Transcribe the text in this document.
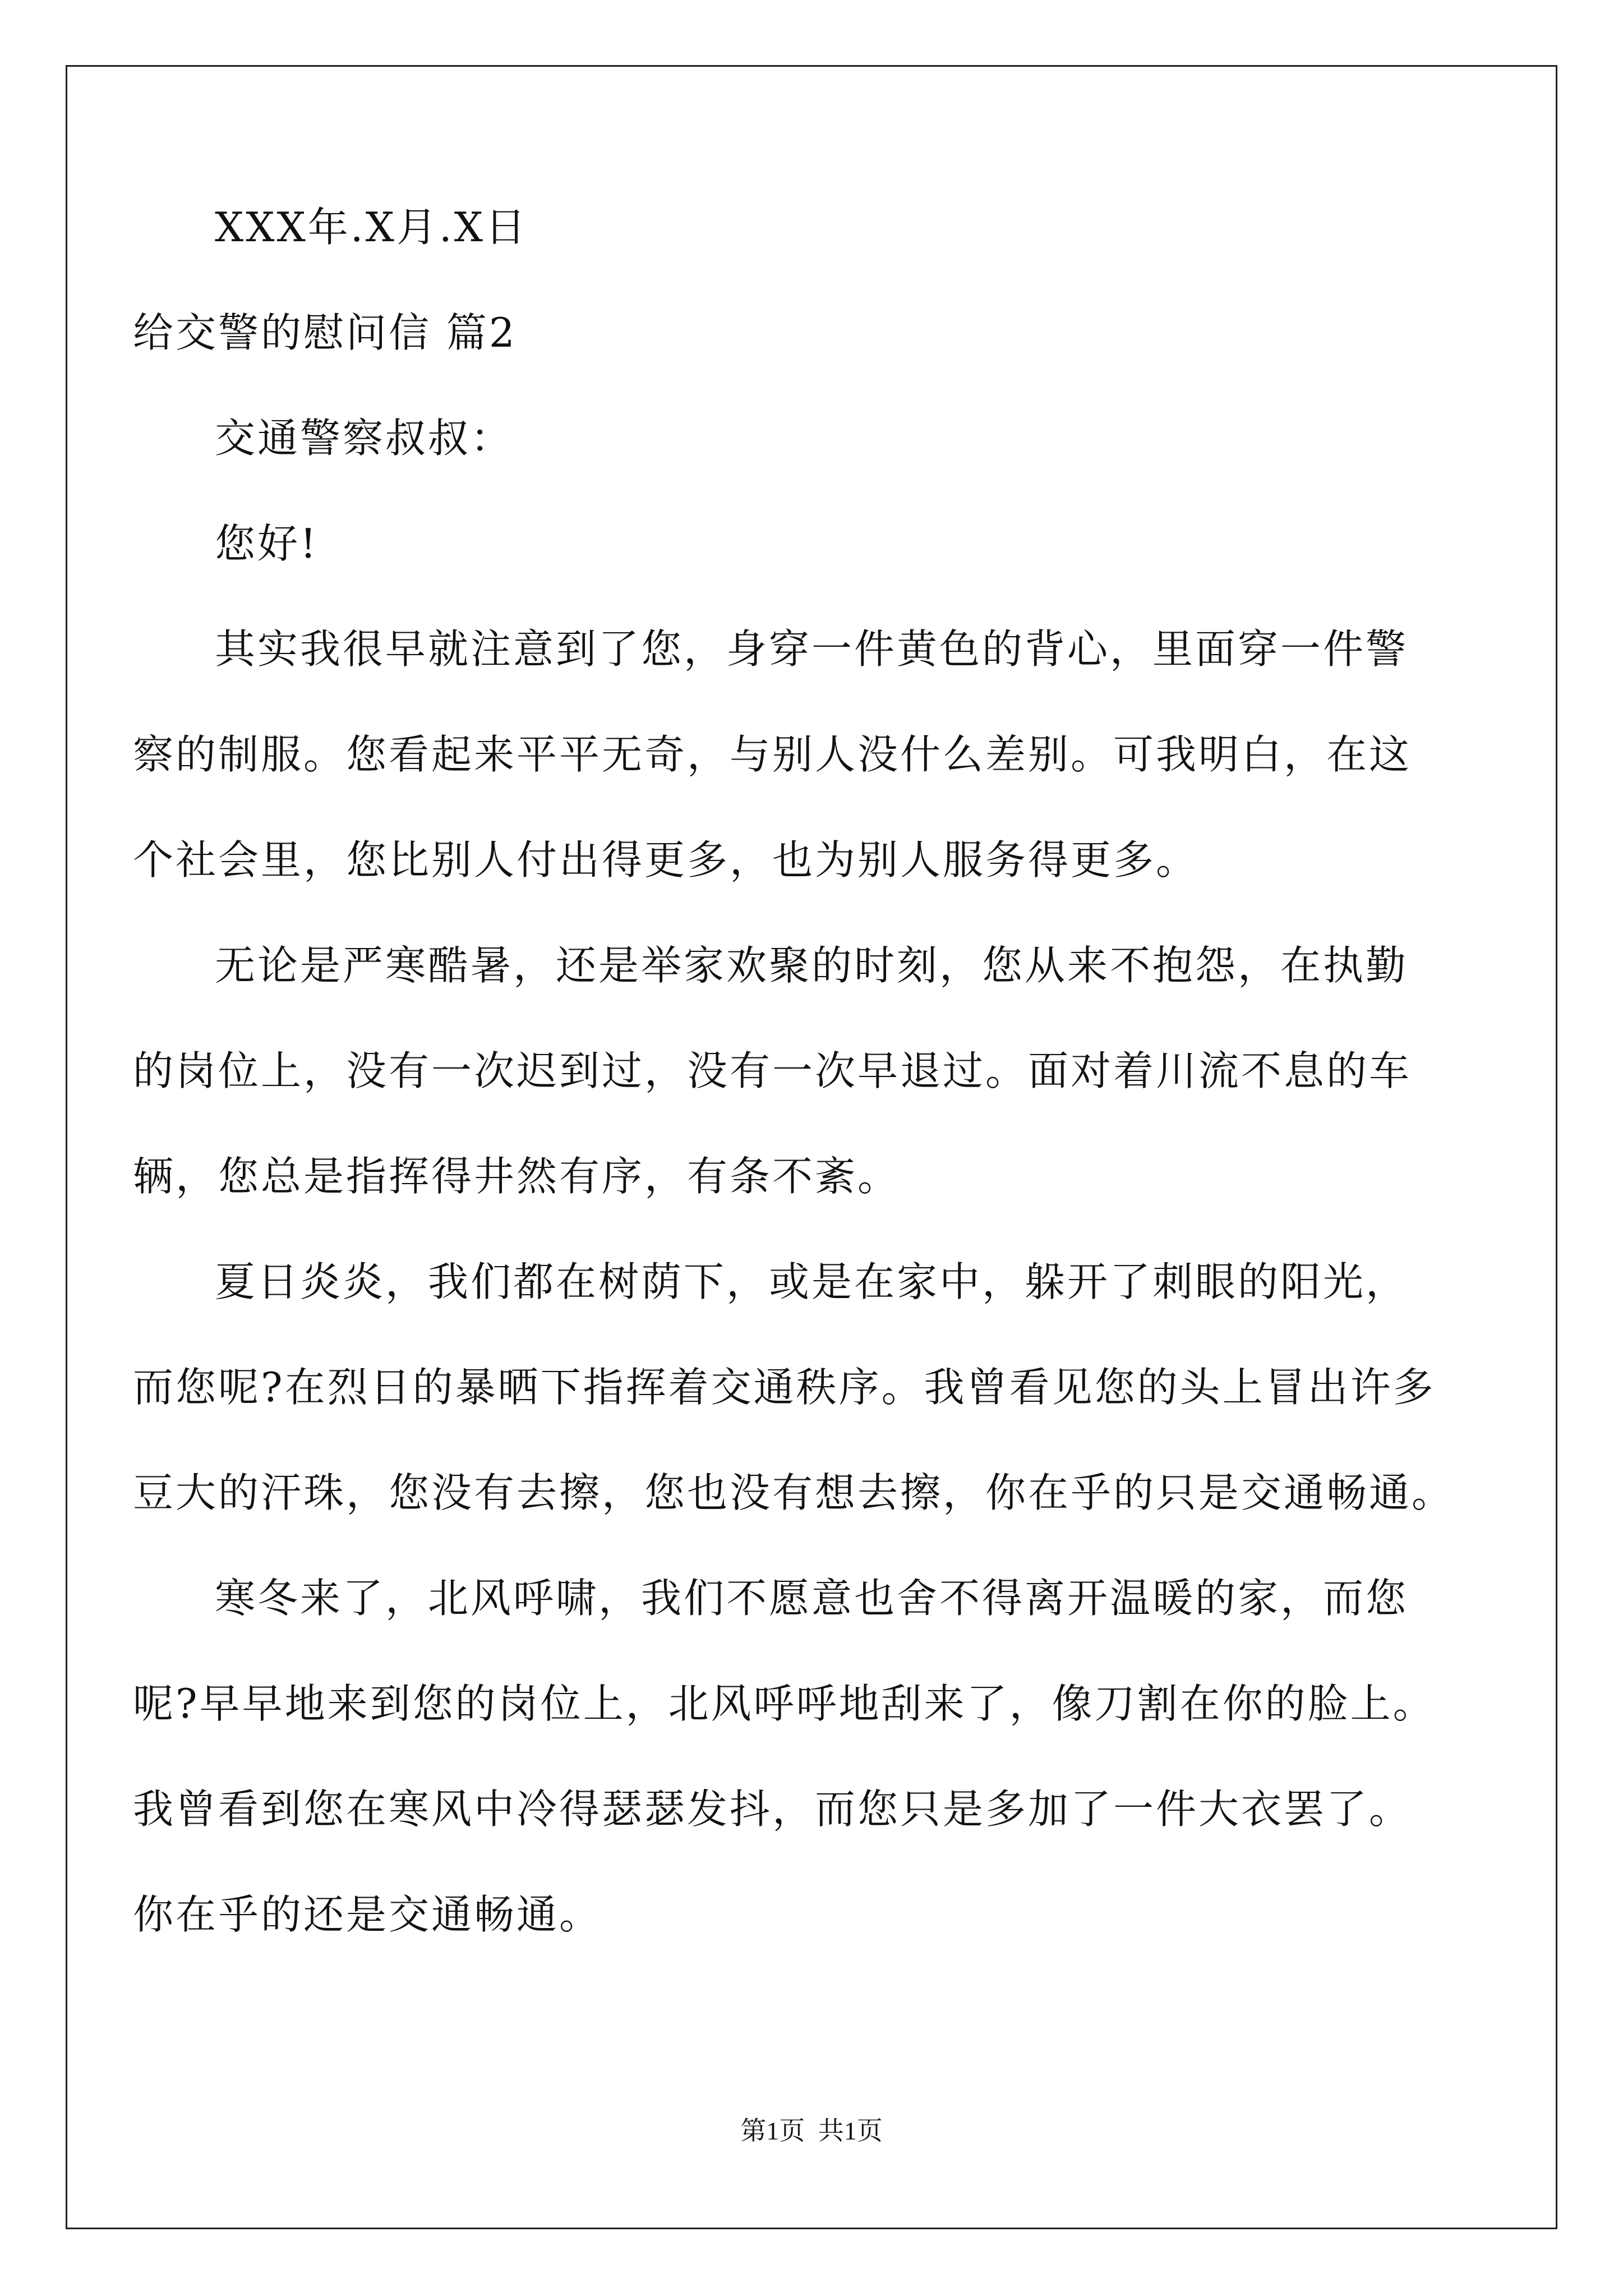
XXX年.X月.X日
给交警的慰问信 篇2
交通警察叔叔：
您好!
其实我很早就注意到了您，身穿一件黄色的背心，里面穿一件警
察的制服。您看起来平平无奇，与别人没什么差别。可我明白，在这
个社会里，您比别人付出得更多，也为别人服务得更多。
无论是严寒酷暑，还是举家欢聚的时刻，您从来不抱怨，在执勤
的岗位上，没有一次迟到过，没有一次早退过。面对着川流不息的车
辆，您总是指挥得井然有序，有条不紊。
夏日炎炎，我们都在树荫下，或是在家中，躲开了刺眼的阳光，
而您呢?在烈日的暴晒下指挥着交通秩序。我曾看见您的头上冒出许多
豆大的汗珠，您没有去擦，您也没有想去擦，你在乎的只是交通畅通。
寒冬来了，北风呼啸，我们不愿意也舍不得离开温暖的家，而您
呢?早早地来到您的岗位上，北风呼呼地刮来了，像刀割在你的脸上。
我曾看到您在寒风中冷得瑟瑟发抖，而您只是多加了一件大衣罢了。
你在乎的还是交通畅通。
第1页 共1页
